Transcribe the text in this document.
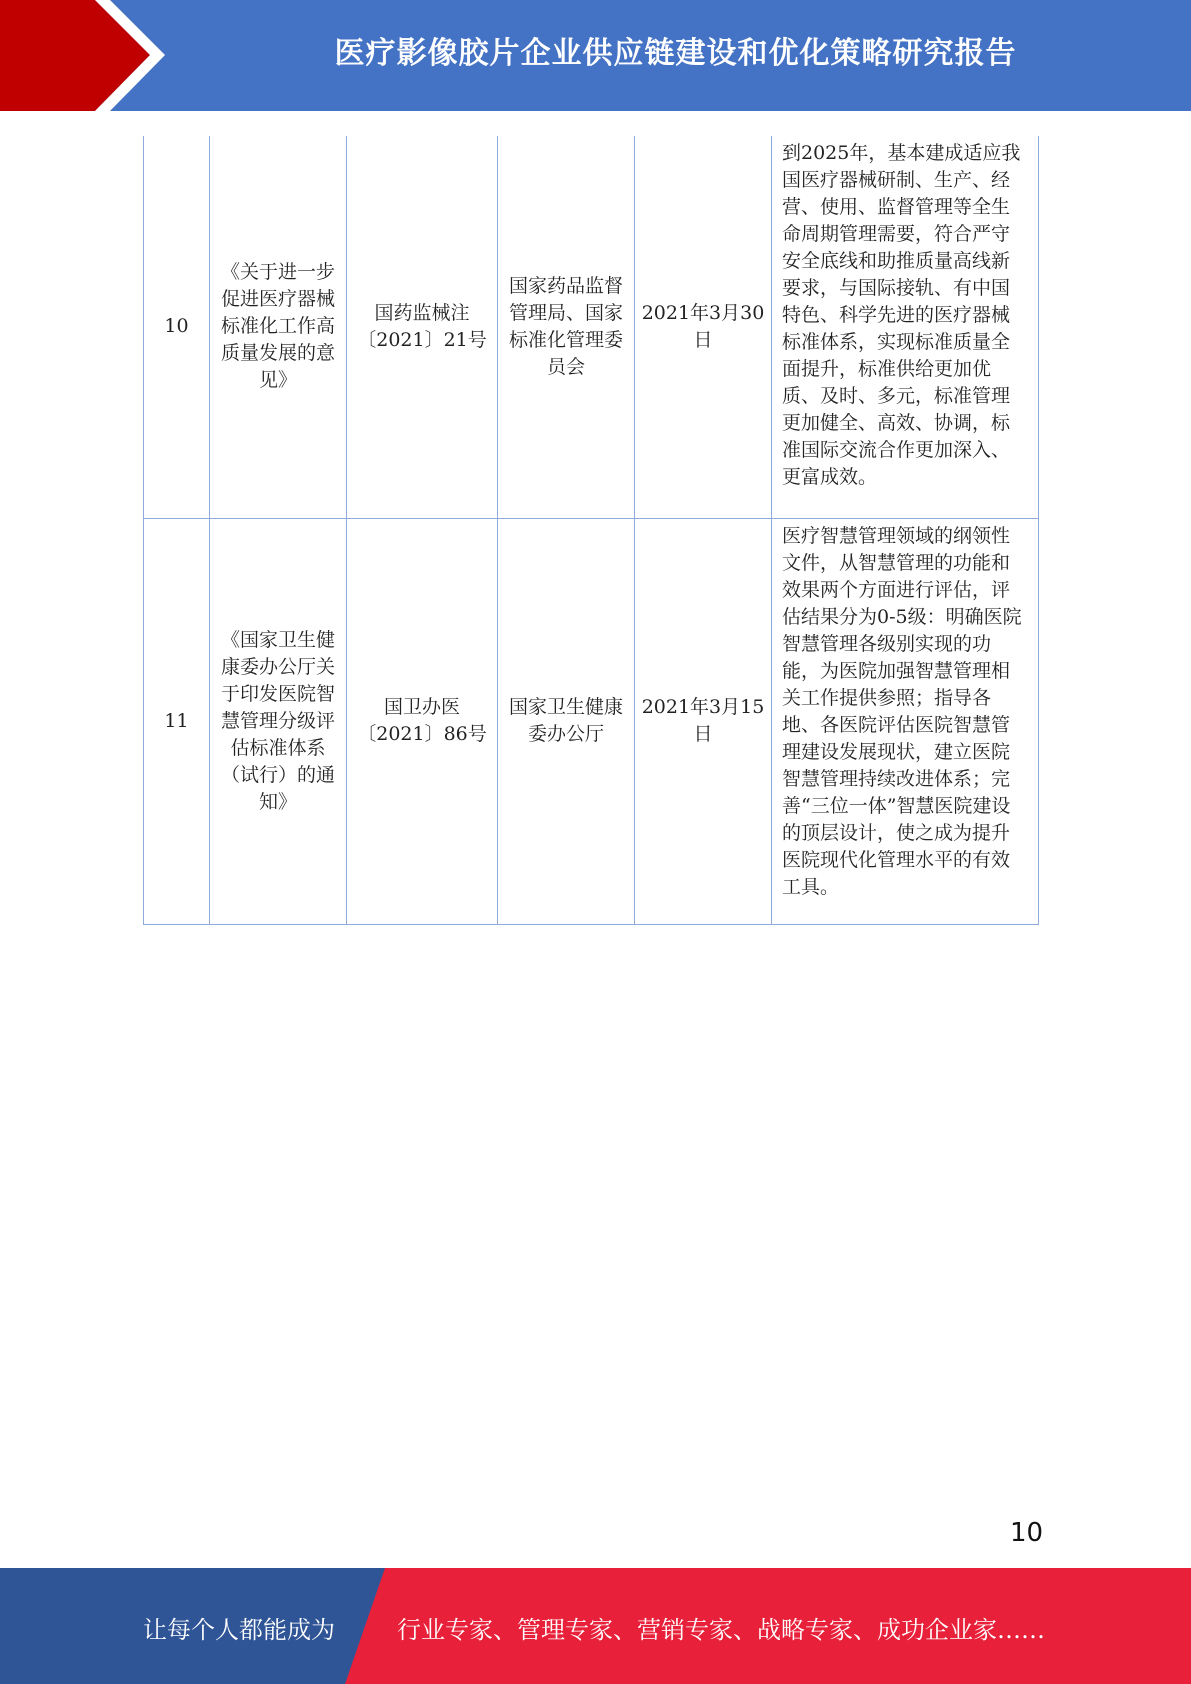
医疗影像胶片企业供应链建设和优化策略研究报告
10	《关于进一步促进医疗器械标准化工作高质量发展的意见》	国药监械注〔2021〕21号	国家药品监督管理局、国家标准化管理委员会	2021年3月30日	到2025年，基本建成适应我国医疗器械研制、生产、经营、使用、监督管理等全生命周期管理需要，符合严守安全底线和助推质量高线新要求，与国际接轨、有中国特色、科学先进的医疗器械标准体系，实现标准质量全面提升，标准供给更加优质、及时、多元，标准管理更加健全、高效、协调，标准国际交流合作更加深入、更富成效。
11	《国家卫生健康委办公厅关于印发医院智慧管理分级评估标准体系（试行）的通知》	国卫办医〔2021〕86号	国家卫生健康委办公厅	2021年3月15日	医疗智慧管理领域的纲领性文件，从智慧管理的功能和效果两个方面进行评估，评估结果分为0-5级：明确医院智慧管理各级别实现的功能，为医院加强智慧管理相关工作提供参照；指导各地、各医院评估医院智慧管理建设发展现状，建立医院智慧管理持续改进体系；完善“三位一体”智慧医院建设的顶层设计，使之成为提升医院现代化管理水平的有效工具。
10
让每个人都能成为	行业专家、管理专家、营销专家、战略专家、成功企业家……
